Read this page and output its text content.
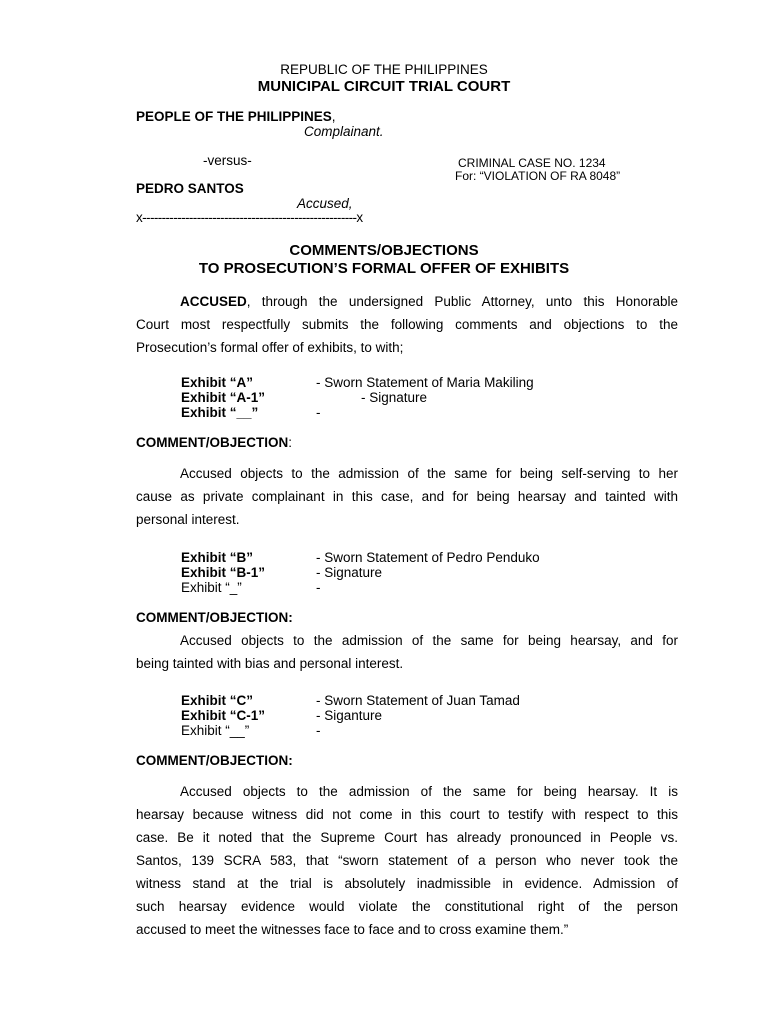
REPUBLIC OF THE PHILIPPINES
MUNICIPAL CIRCUIT TRIAL COURT
PEOPLE OF THE PHILIPPINES,
Complainant.
-versus-	CRIMINAL CASE NO. 1234
For: “VIOLATION OF RA 8048”
PEDRO SANTOS
Accused,
x-------------------------------------------------------x
COMMENTS/OBJECTIONS
TO PROSECUTION’S FORMAL OFFER OF EXHIBITS
ACCUSED, through the undersigned Public Attorney, unto this Honorable
Court most respectfully submits the following comments and objections to the
Prosecution’s formal offer of exhibits, to with;
Exhibit “A”	- Sworn Statement of Maria Makiling
Exhibit “A-1”	- Signature
Exhibit “__”	-
COMMENT/OBJECTION:
Accused objects to the admission of the same for being self-serving to her
cause as private complainant in this case, and for being hearsay and tainted with
personal interest.
Exhibit “B”	- Sworn Statement of Pedro Penduko
Exhibit “B-1”	- Signature
Exhibit “_”	-
COMMENT/OBJECTION:
Accused objects to the admission of the same for being hearsay, and for
being tainted with bias and personal interest.
Exhibit “C”	- Sworn Statement of Juan Tamad
Exhibit “C-1”	- Siganture
Exhibit “__”	-
COMMENT/OBJECTION:
Accused objects to the admission of the same for being hearsay. It is
hearsay because witness did not come in this court to testify with respect to this
case. Be it noted that the Supreme Court has already pronounced in People vs.
Santos, 139 SCRA 583, that “sworn statement of a person who never took the
witness stand at the trial is absolutely inadmissible in evidence. Admission of
such hearsay evidence would violate the constitutional right of the person
accused to meet the witnesses face to face and to cross examine them.”
